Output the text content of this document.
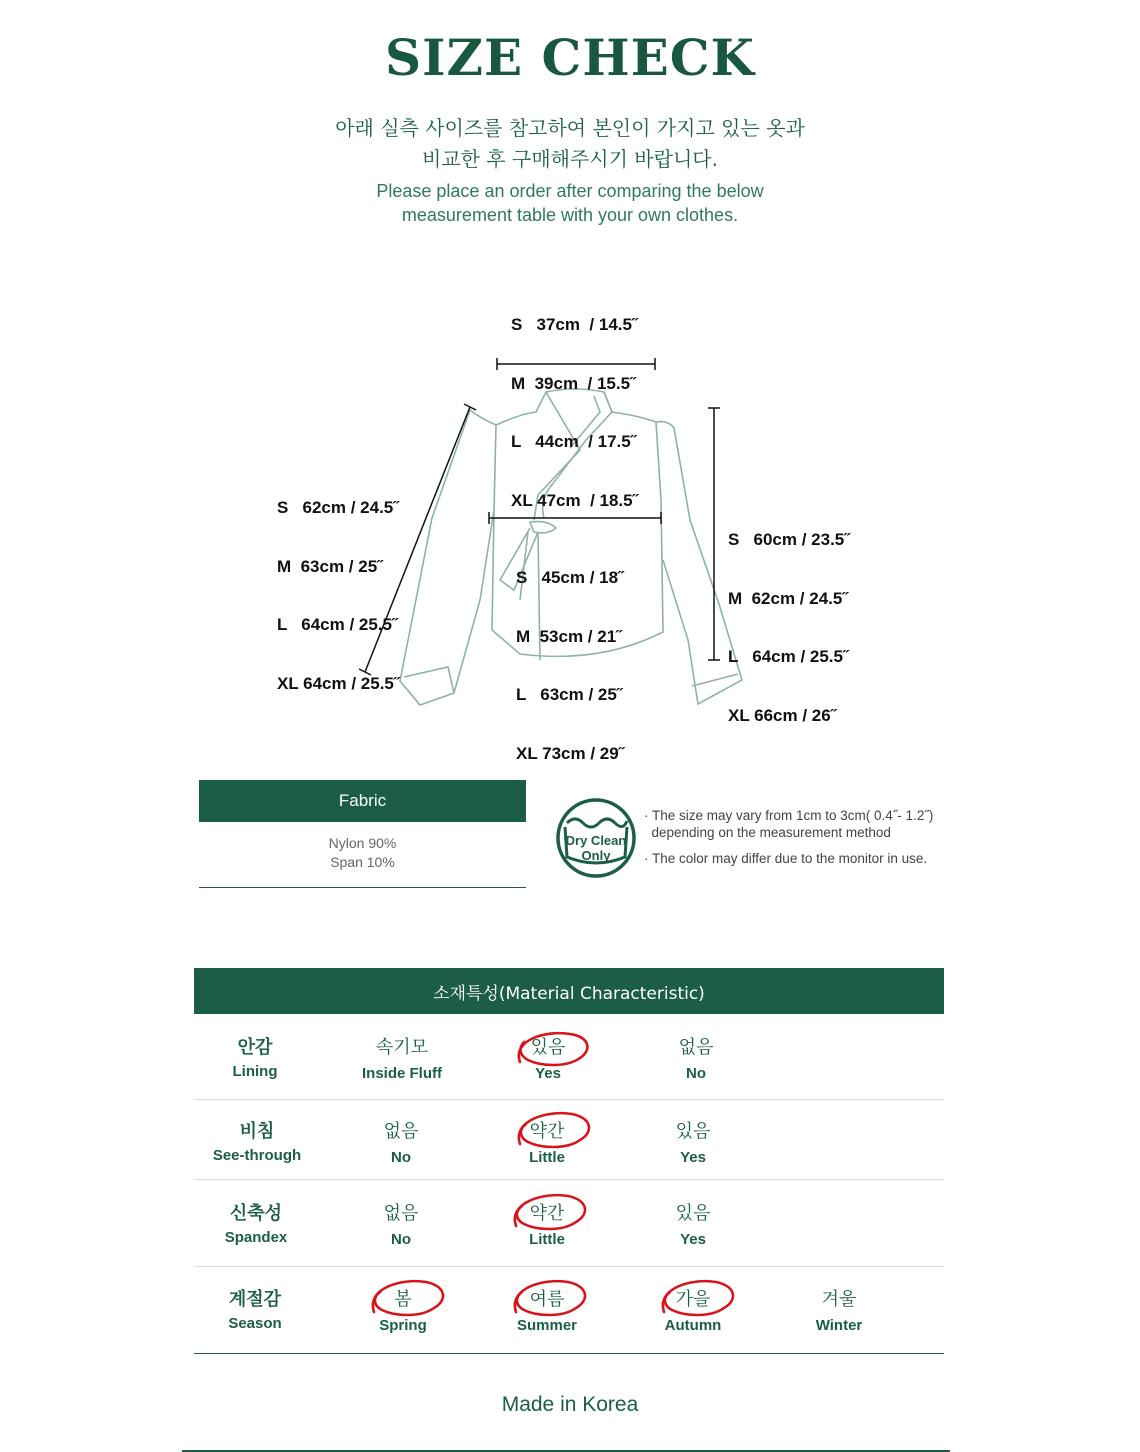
SIZE CHECK
아래 실측 사이즈를 참고하여 본인이 가지고 있는 옷과
비교한 후 구매해주시기 바랍니다.
Please place an order after comparing the below
measurement table with your own clothes.

S   37cm  / 14.5˝

M  39cm  / 15.5˝

L   44cm  / 17.5˝

XL 47cm  / 18.5˝

S   62cm / 24.5˝

M  63cm / 25˝

L   64cm / 25.5˝

XL 64cm / 25.5˝

S   45cm / 18˝

M  53cm / 21˝

L   63cm / 25˝

XL 73cm / 29˝

S   60cm / 23.5˝

M  62cm / 24.5˝

L   64cm / 25.5˝

XL 66cm / 26˝

Fabric
Nylon 90%
Span 10%
Dry Clean
Only

· The size may vary from 1cm to 3cm( 0.4˝- 1.2˝)
depending on the measurement method

· The color may differ due to the monitor in use.

소재특성(Material Characteristic)
안감
Lining
속기모
Inside Fluff
있음
Yes
없음
No
비침
See-through
없음
No
약간
Little
있음
Yes
신축성
Spandex
없음
No
약간
Little
있음
Yes
계절감
Season
봄
Spring
여름
Summer
가을
Autumn
겨울
Winter
Made in Korea
